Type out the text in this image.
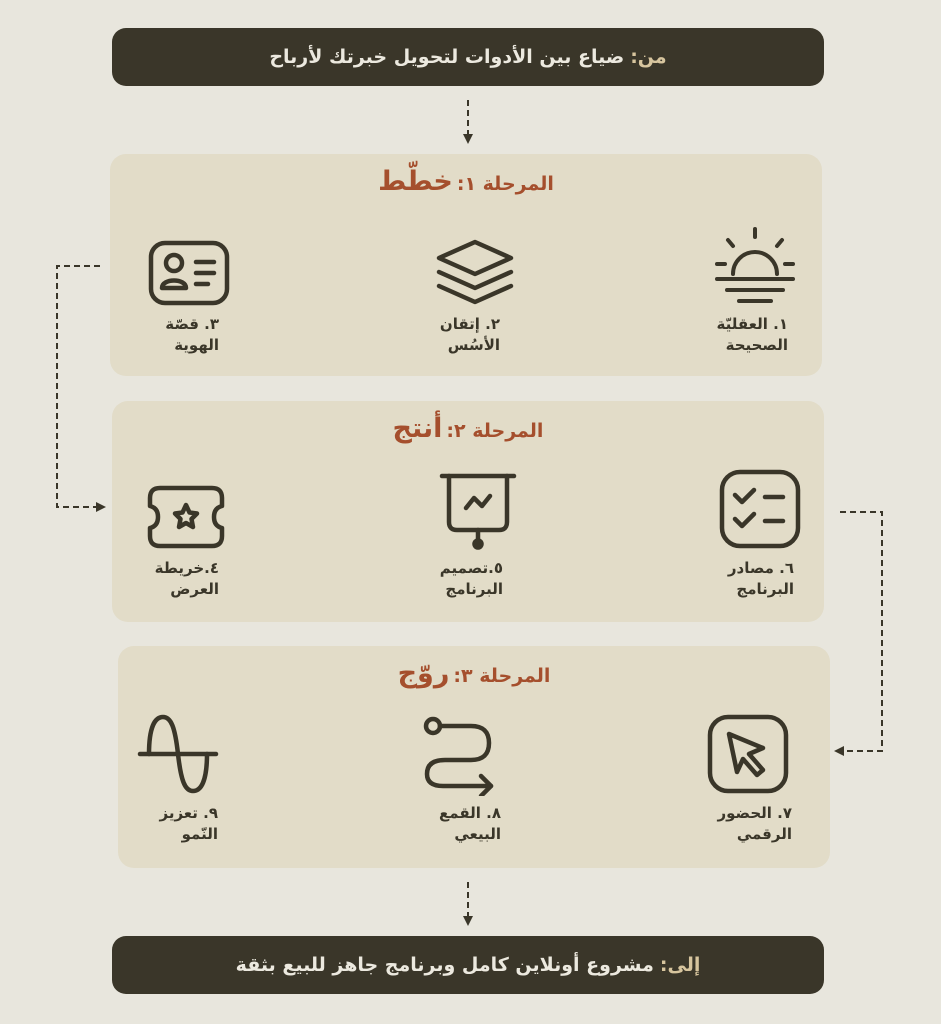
من:
ضياع بين الأدوات لتحويل خبرتك لأرباح
المرحلة ١:خطّط
١. العقليّة
الصحيحة
٢. إتقان
الأسُس
٣. قصّة
الهوية
المرحلة ٢:أنتج
٦. مصادر
البرنامج
٥.تصميم
البرنامج
٤.خريطة
العرض
المرحلة ٣:روّج
٧. الحضور
الرقمي
٨. القمع
البيعي
٩. تعزيز
النّمو
إلى:
مشروع أونلاين كامل وبرنامج جاهز للبيع بثقة
